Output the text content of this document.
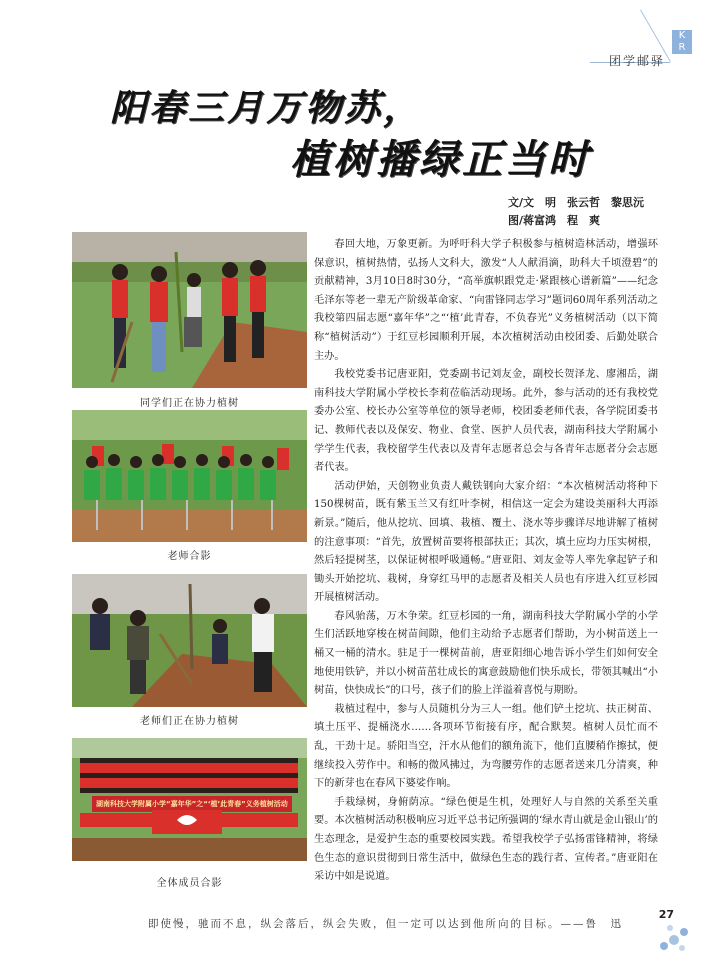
K
R
团学邮驿
阳春三月万物苏，
植树播绿正当时
文/文　明　张云哲　黎思沅
图/蒋富鸿　程　爽
同学们正在协力植树
老师合影
老师们正在协力植树
湖南科技大学附属小学“嘉年华”之“‘植’此青春”义务植树活动
全体成员合影

春回大地，万象更新。为呼吁科大学子积极参与植树造林活动，增强环保意识，植树热情，弘扬人文科大，激发“人人献涓滴，助科大千顷澄碧”的贡献精神，3月10日8时30分，“高举旗帜跟党走·紧跟核心谱新篇”——纪念毛泽东等老一辈无产阶级革命家、“向雷锋同志学习”题词60周年系列活动之我校第四届志愿“嘉年华”之“‘植’此青春，不负春光”义务植树活动（以下简称“植树活动”）于红豆杉园顺利开展，本次植树活动由校团委、后勤处联合主办。

我校党委书记唐亚阳，党委副书记刘友金，副校长贺泽龙、廖湘岳，湖南科技大学附属小学校长李莉莅临活动现场。此外，参与活动的还有我校党委办公室、校长办公室等单位的领导老师，校团委老师代表，各学院团委书记、教师代表以及保安、物业、食堂、医护人员代表，湖南科技大学附属小学学生代表，我校留学生代表以及青年志愿者总会与各青年志愿者分会志愿者代表。

活动伊始，天创物业负责人戴铁钢向大家介绍：“本次植树活动将种下150棵树苗，既有紫玉兰又有红叶李树，相信这一定会为建设美丽科大再添新景。”随后，他从挖坑、回填、栽植、覆土、浇水等步骤详尽地讲解了植树的注意事项：“首先，放置树苗要将根部扶正；其次，填土应均力压实树根，然后轻提树茎，以保证树根呼吸通畅。”唐亚阳、刘友金等人率先拿起铲子和锄头开始挖坑、栽树，身穿红马甲的志愿者及相关人员也有序进入红豆杉园开展植树活动。

春风骀荡，万木争荣。红豆杉园的一角，湖南科技大学附属小学的小学生们活跃地穿梭在树苗间隙，他们主动给予志愿者们帮助，为小树苗送上一桶又一桶的清水。驻足于一棵树苗前，唐亚阳细心地告诉小学生们如何安全地使用铁铲，并以小树苗茁壮成长的寓意鼓励他们快乐成长，带领其喊出“小树苗，快快成长”的口号，孩子们的脸上洋溢着喜悦与期盼。

栽植过程中，参与人员随机分为三人一组。他们铲土挖坑、扶正树苗、填土压平、提桶浇水……各项环节衔接有序，配合默契。植树人员忙而不乱，干劲十足。骄阳当空，汗水从他们的额角流下，他们直腰稍作擦拭，便继续投入劳作中。和畅的微风拂过，为弯腰劳作的志愿者送来几分清爽，种下的新芽也在春风下婆娑作响。

手栽绿树，身俯荫凉。“绿色便是生机，处理好人与自然的关系至关重要。本次植树活动积极响应习近平总书记所强调的‘绿水青山就是金山银山’的生态理念，是爱护生态的重要校园实践。希望我校学子弘扬雷锋精神，将绿色生态的意识贯彻到日常生活中，做绿色生态的践行者、宣传者。”唐亚阳在采访中如是说道。

即使慢，驰而不息，纵会落后，纵会失败，但一定可以达到他所向的目标。——鲁　迅
27
